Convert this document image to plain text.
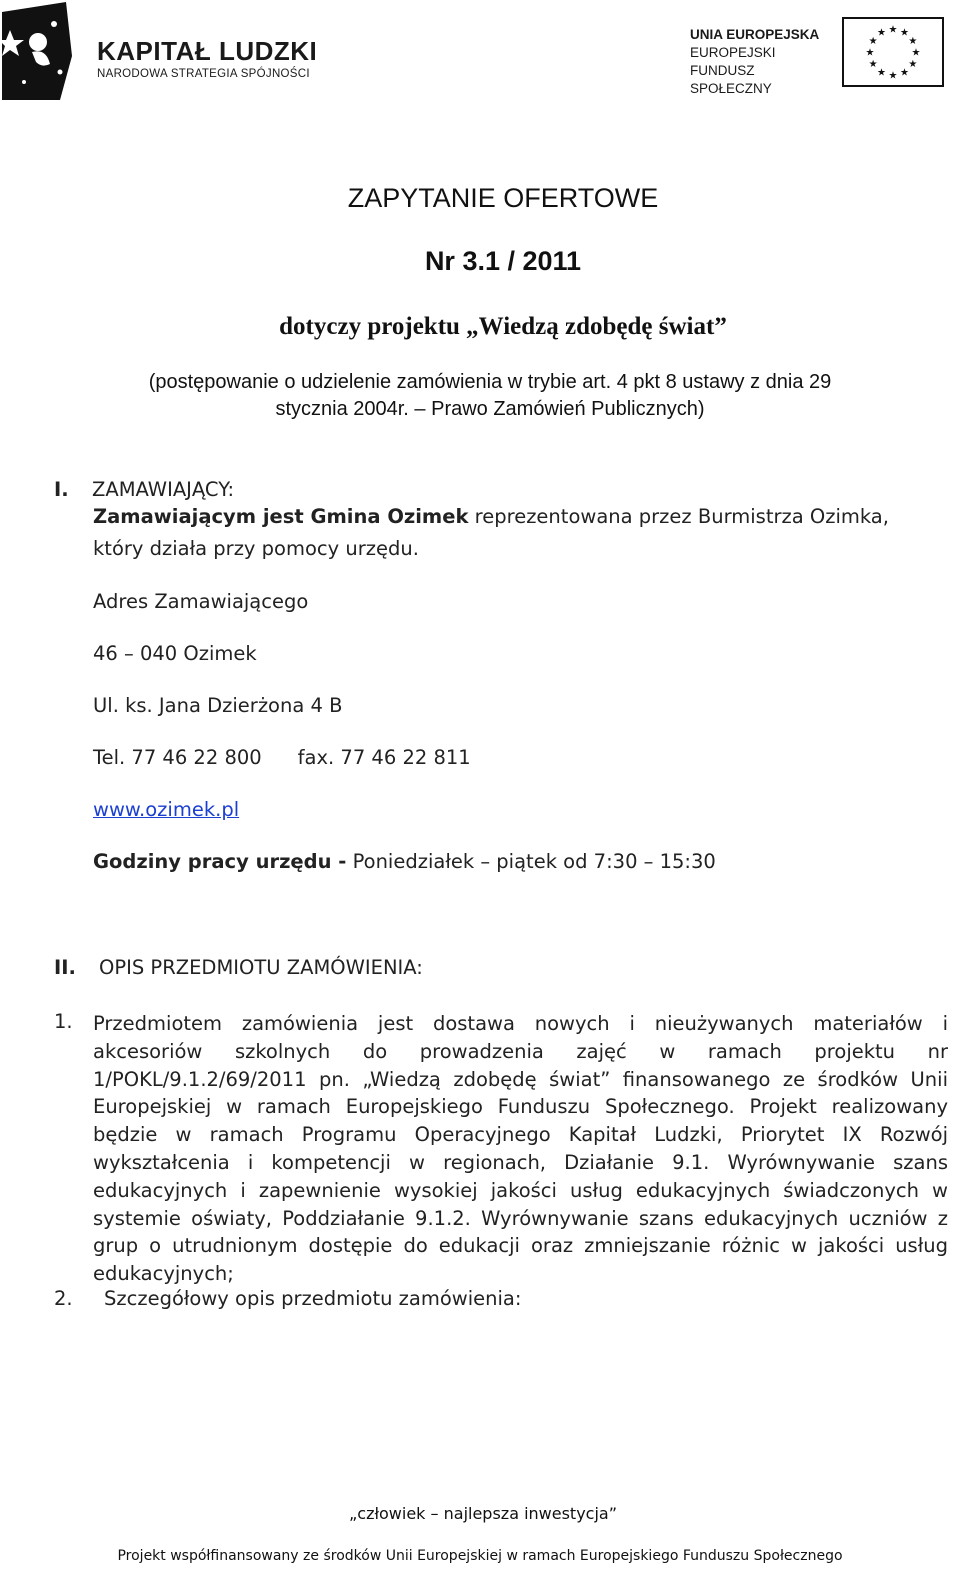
KAPITAŁ LUDZKI
NARODOWA STRATEGIA SPÓJNOŚCI
UNIA EUROPEJSKA
EUROPEJSKI
FUNDUSZ SPOŁECZNY
★ ★
★
★
★
★
★
★
★
★
★
★
ZAPYTANIE OFERTOWE
Nr 3.1 / 2011
dotyczy projektu „Wiedzą zdobędę świat”
(postępowanie o udzielenie zamówienia w trybie art. 4 pkt 8 ustawy z dnia 29
stycznia 2004r. – Prawo Zamówień Publicznych)
I. ZAMAWIAJĄCY:
Zamawiającym jest Gmina Ozimek reprezentowana przez Burmistrza Ozimka,
który działa przy pomocy urzędu.
Adres Zamawiającego
46 – 040 Ozimek
Ul. ks. Jana Dzierżona 4 B
Tel. 77 46 22 800 fax. 77 46 22 811
www.ozimek.pl
Godziny pracy urzędu - Poniedziałek – piątek od 7:30 – 15:30
II. OPIS PRZEDMIOTU ZAMÓWIENIA:
1. Przedmiotem zamówienia jest dostawa nowych i nieużywanych materiałów i akcesoriów szkolnych do prowadzenia zajęć w ramach projektu nr 1/POKL/9.1.2/69/2011 pn. „Wiedzą zdobędę świat” finansowanego ze środków Unii Europejskiej w ramach Europejskiego Funduszu Społecznego. Projekt realizowany będzie w ramach Programu Operacyjnego Kapitał Ludzki, Priorytet IX Rozwój wykształcenia i kompetencji w regionach, Działanie 9.1. Wyrównywanie szans edukacyjnych i zapewnienie wysokiej jakości usług edukacyjnych świadczonych w systemie oświaty, Poddziałanie 9.1.2. Wyrównywanie szans edukacyjnych uczniów z grup o utrudnionym dostępie do edukacji oraz zmniejszanie różnic w jakości usług edukacyjnych;
2. Szczegółowy opis przedmiotu zamówienia:
„człowiek – najlepsza inwestycja”
Projekt współfinansowany ze środków Unii Europejskiej w ramach Europejskiego Funduszu Społecznego
